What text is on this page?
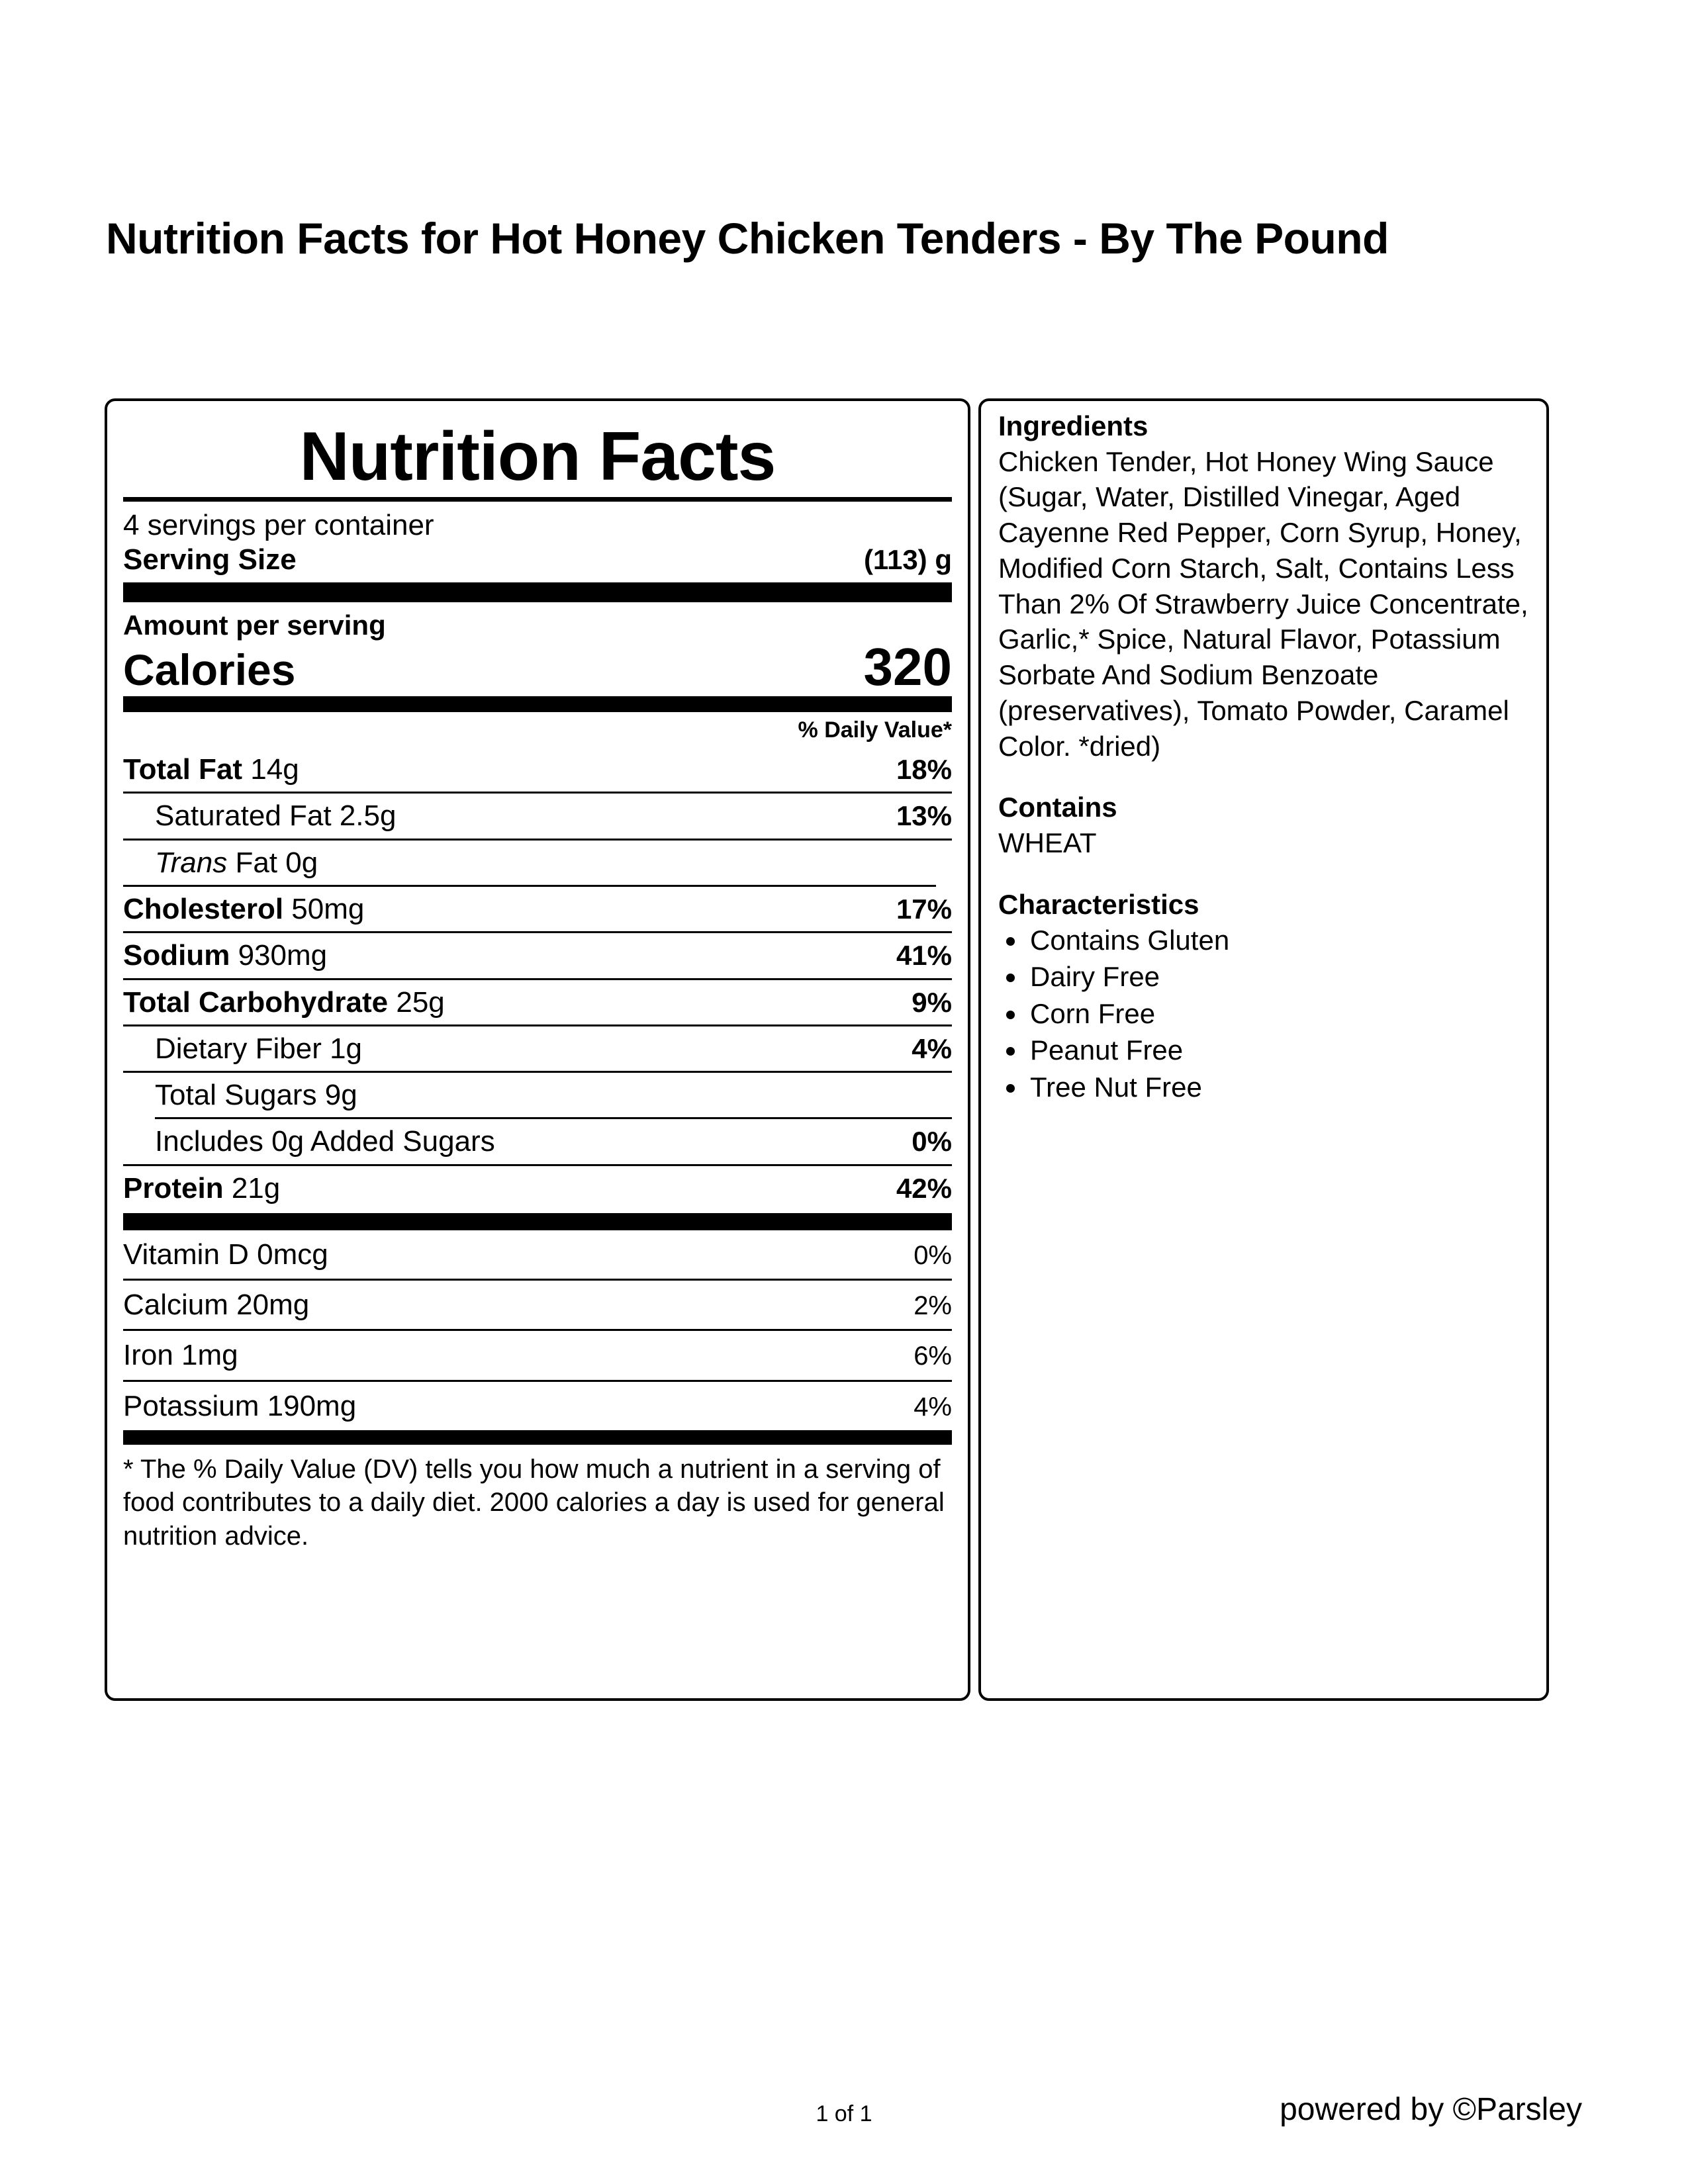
Nutrition Facts for Hot Honey Chicken Tenders - By The Pound
Nutrition Facts
4 servings per container
Serving Size	(113) g
Amount per serving
Calories	320
% Daily Value*
Total Fat 14g	18%
Saturated Fat 2.5g	13%
Trans Fat 0g
Cholesterol 50mg	17%
Sodium 930mg	41%
Total Carbohydrate 25g	9%
Dietary Fiber 1g	4%
Total Sugars 9g
Includes 0g Added Sugars	0%
Protein 21g	42%
Vitamin D 0mcg	0%
Calcium 20mg	2%
Iron 1mg	6%
Potassium 190mg	4%
* The % Daily Value (DV) tells you how much a nutrient in a serving of food contributes to a daily diet. 2000 calories a day is used for general nutrition advice.
Ingredients
Chicken Tender, Hot Honey Wing Sauce (Sugar, Water, Distilled Vinegar, Aged Cayenne Red Pepper, Corn Syrup, Honey, Modified Corn Starch, Salt, Contains Less Than 2% Of Strawberry Juice Concentrate, Garlic,* Spice, Natural Flavor, Potassium Sorbate And Sodium Benzoate (preservatives), Tomato Powder, Caramel Color. *dried)
Contains
WHEAT
Characteristics
• Contains Gluten
• Dairy Free
• Corn Free
• Peanut Free
• Tree Nut Free
1 of 1	powered by ©Parsley
